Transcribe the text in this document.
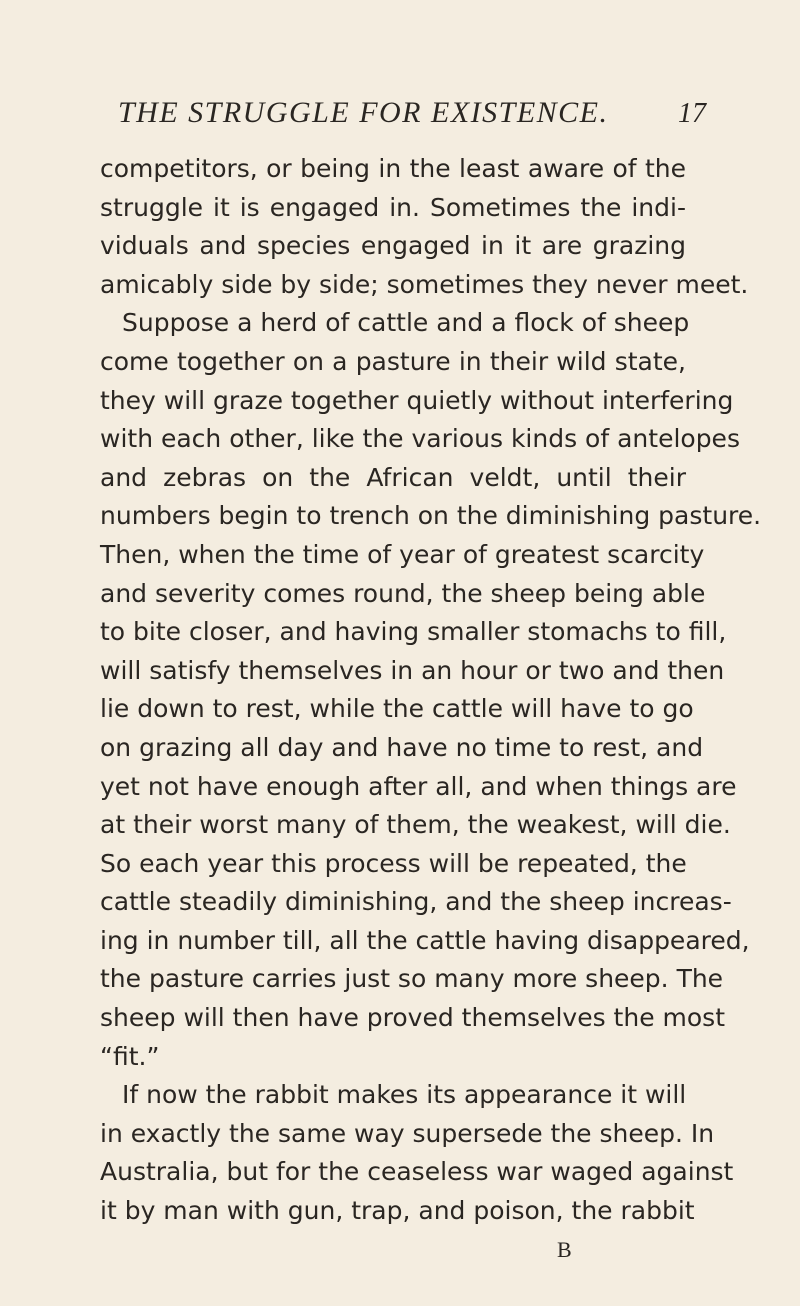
THE STRUGGLE FOR EXISTENCE.	17
competitors, or being in the least aware of the
struggle it is engaged in. Sometimes the indi-
viduals and species engaged in it are grazing
amicably side by side; sometimes they never meet.
Suppose a herd of cattle and a flock of sheep
come together on a pasture in their wild state,
they will graze together quietly without interfering
with each other, like the various kinds of antelopes
and zebras on the African veldt, until their
numbers begin to trench on the diminishing pasture.
Then, when the time of year of greatest scarcity
and severity comes round, the sheep being able
to bite closer, and having smaller stomachs to fill,
will satisfy themselves in an hour or two and then
lie down to rest, while the cattle will have to go
on grazing all day and have no time to rest, and
yet not have enough after all, and when things are
at their worst many of them, the weakest, will die.
So each year this process will be repeated, the
cattle steadily diminishing, and the sheep increas-
ing in number till, all the cattle having disappeared,
the pasture carries just so many more sheep. The
sheep will then have proved themselves the most
“fit.”
If now the rabbit makes its appearance it will
in exactly the same way supersede the sheep. In
Australia, but for the ceaseless war waged against
it by man with gun, trap, and poison, the rabbit
B
